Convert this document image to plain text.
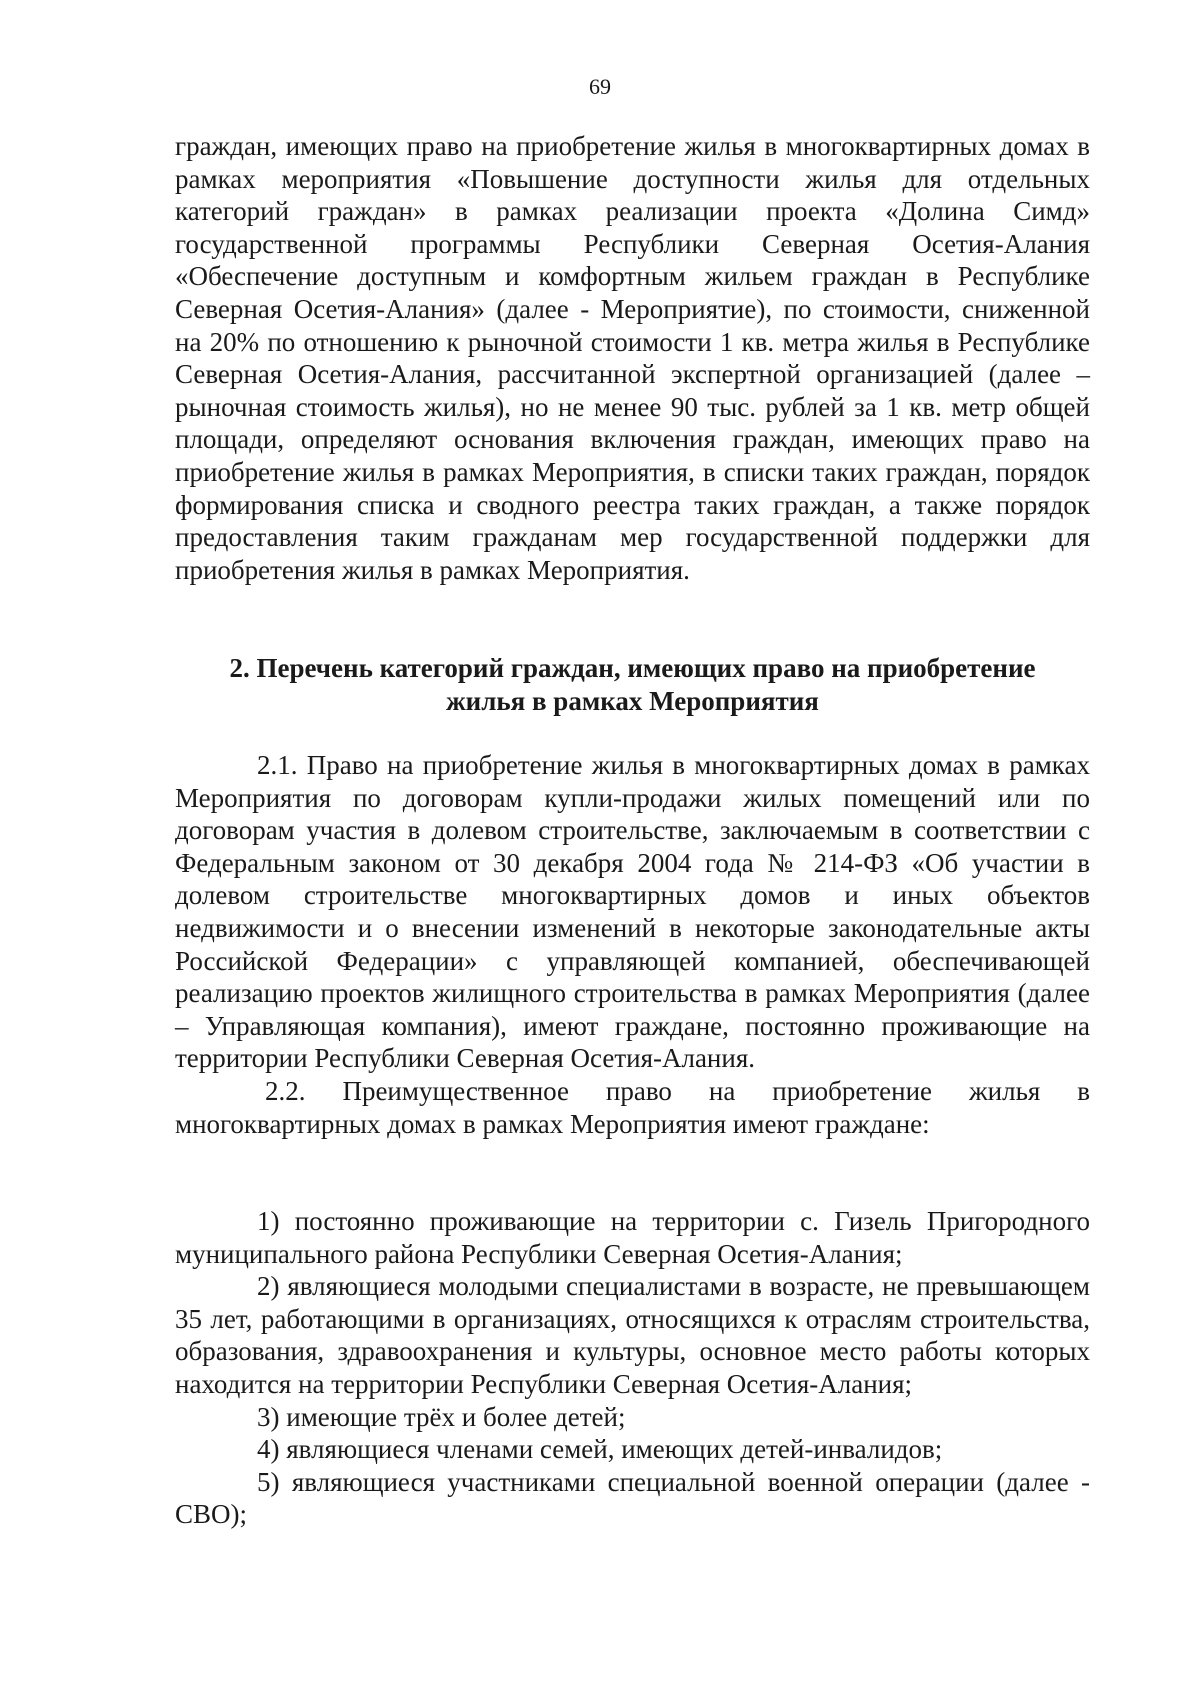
69

граждан, имеющих право на приобретение жилья в многоквартирных домах в рамках мероприятия «Повышение доступности жилья для отдельных категорий граждан» в рамках реализации проекта «Долина Симд» государственной программы Республики Северная Осетия-Алания «Обеспечение доступным и комфортным жильем граждан в Республике Северная Осетия-Алания» (далее - Мероприятие), по стоимости, сниженной на 20% по отношению к рыночной стоимости 1 кв. метра жилья в Республике Северная Осетия-Алания, рассчитанной экспертной организацией (далее – рыночная стоимость жилья), но не менее 90 тыс. рублей за 1 кв. метр общей площади, определяют основания включения граждан, имеющих право на приобретение жилья в рамках Мероприятия, в списки таких граждан, порядок формирования списка и сводного реестра таких граждан, а также порядок предоставления таким гражданам мер государственной поддержки для приобретения жилья в рамках Мероприятия.

2. Перечень категорий граждан, имеющих право на приобретение
жилья в рамках Мероприятия

2.1. Право на приобретение жилья в многоквартирных домах в рамках Мероприятия по договорам купли-продажи жилых помещений или по договорам участия в долевом строительстве, заключаемым в соответствии с Федеральным законом от 30 декабря 2004 года № 214-ФЗ «Об участии в долевом строительстве многоквартирных домов и иных объектов недвижимости и о внесении изменений в некоторые законодательные акты Российской Федерации» с управляющей компанией, обеспечивающей реализацию проектов жилищного строительства в рамках Мероприятия (далее – Управляющая компания), имеют граждане, постоянно проживающие на территории Республики Северная Осетия-Алания.

2.2. Преимущественное право на приобретение жилья в многоквартирных домах в рамках Мероприятия имеют граждане:

1) постоянно проживающие на территории с. Гизель Пригородного муниципального района Республики Северная Осетия-Алания;

2) являющиеся молодыми специалистами в возрасте, не превышающем 35 лет, работающими в организациях, относящихся к отраслям строительства, образования, здравоохранения и культуры, основное место работы которых находится на территории Республики Северная Осетия-Алания;

3) имеющие трёх и более детей;

4) являющиеся членами семей, имеющих детей-инвалидов;

5) являющиеся участниками специальной военной операции (далее - СВО);
